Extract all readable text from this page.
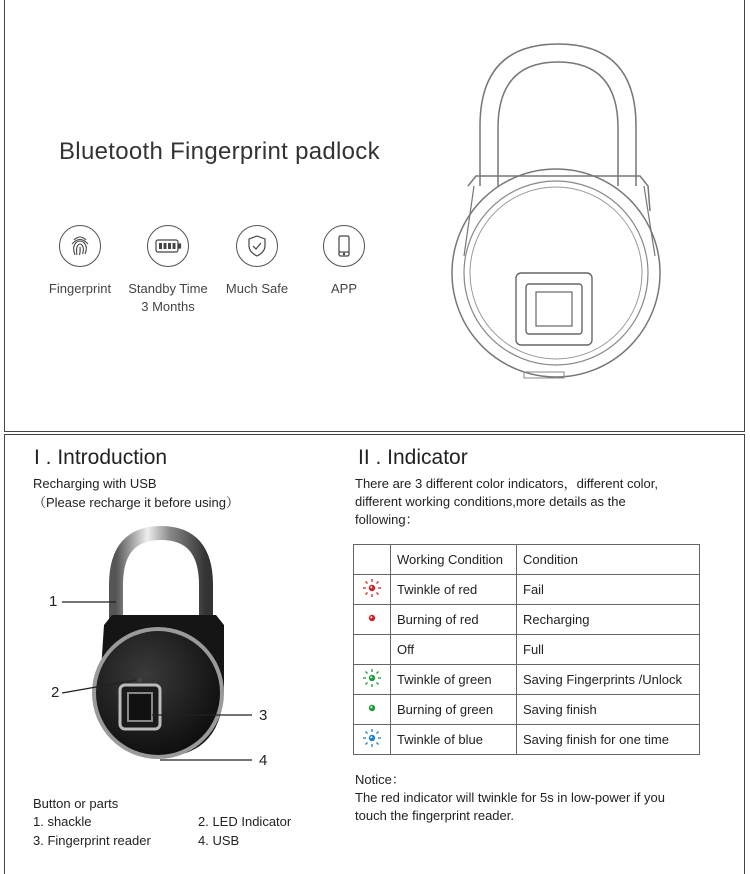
Bluetooth Fingerprint padlock
Fingerprint	Standby Time
3 Months
Much Safe	APP
I . Introduction
Recharging with USB
（Please recharge it before using）
1
2
3
4
Button or parts
1. shackle	2. LED Indicator
3. Fingerprint reader	4. USB
II . Indicator
There are 3 different color indicators，different color,
different working conditions,more details as the
following：
	Working Condition	Condition
	Twinkle of red	Fail
	Burning of red	Recharging
	Off	Full
	Twinkle of green	Saving Fingerprints /Unlock
	Burning of green	Saving finish
	Twinkle of blue	Saving finish for one time
Notice：
The red indicator will twinkle for 5s in low-power if you
touch the fingerprint reader.
